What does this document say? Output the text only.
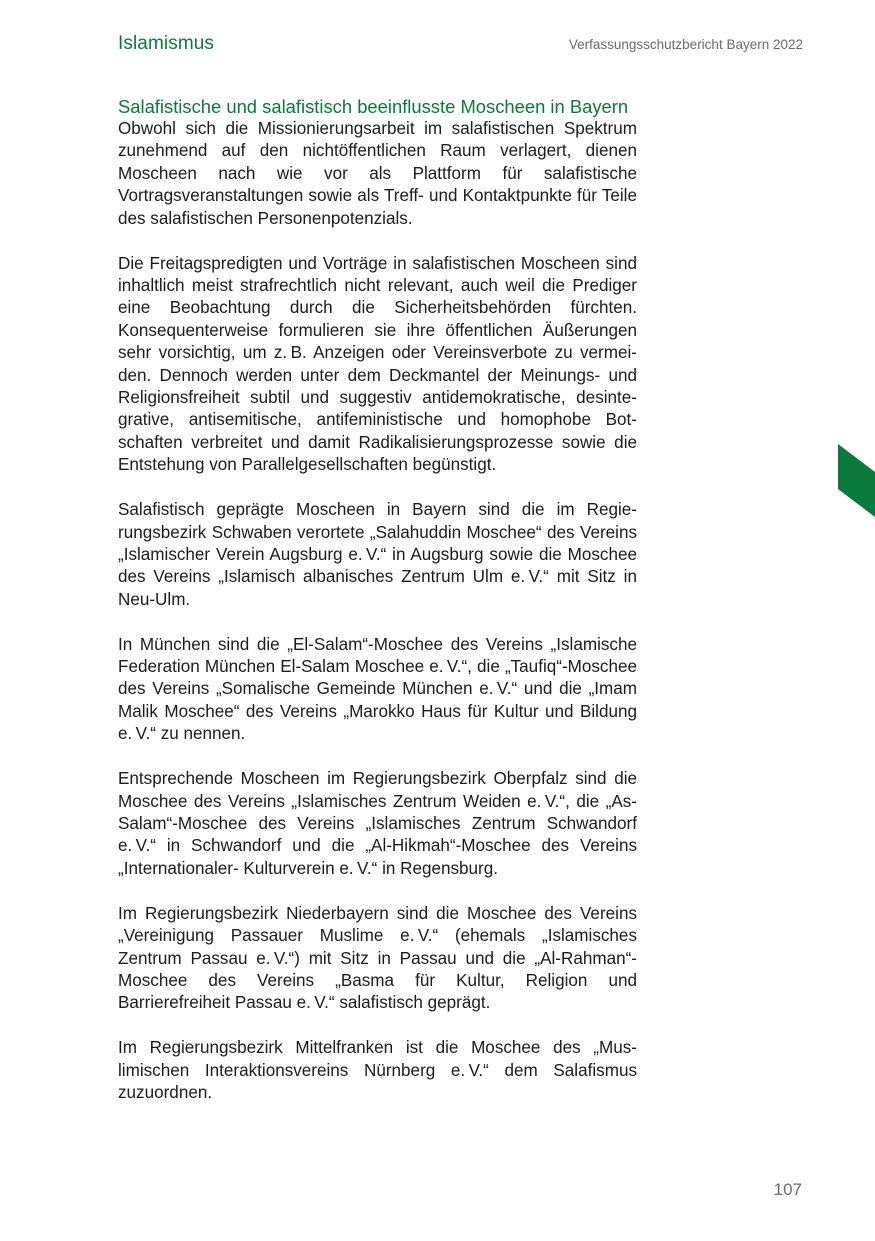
Islamismus	Verfassungsschutzbericht Bayern 2022

Salafistische und salafistisch beeinflusste Moscheen in Bayern

Obwohl sich die Missionierungsarbeit im salafistischen Spektrum zunehmend auf den nichtöffentlichen Raum verlagert, dienen Moscheen nach wie vor als Plattform für salafistische Vortragsveranstaltungen sowie als Treff- und Kontaktpunkte für Teile des salafistischen Personenpotenzials.

Die Freitagspredigten und Vorträge in salafistischen Moscheen sind inhaltlich meist strafrechtlich nicht relevant, auch weil die Prediger eine Beobachtung durch die Sicherheitsbehörden fürchten. Konsequenterweise formulieren sie ihre öffentlichen Äußerungen sehr vorsichtig, um z. B. Anzeigen oder Vereinsverbote zu vermeiden. Dennoch werden unter dem Deckmantel der Meinungs- und Religionsfreiheit subtil und suggestiv antidemokratische, desintegrative, antisemitische, antifeministische und homophobe Botschaften verbreitet und damit Radikalisierungsprozesse sowie die Entstehung von Parallelgesellschaften begünstigt.

Salafistisch geprägte Moscheen in Bayern sind die im Regierungsbezirk Schwaben verortete „Salahuddin Moschee“ des Vereins „Islamischer Verein Augsburg e. V.“ in Augsburg sowie die Moschee des Vereins „Islamisch albanisches Zentrum Ulm e. V.“ mit Sitz in Neu-Ulm.

In München sind die „El-Salam“-Moschee des Vereins „Islamische Federation München El-Salam Moschee e. V.“, die „Taufiq“-Moschee des Vereins „Somalische Gemeinde München e. V.“ und die „Imam Malik Moschee“ des Vereins „Marokko Haus für Kultur und Bildung e. V.“ zu nennen.

Entsprechende Moscheen im Regierungsbezirk Oberpfalz sind die Moschee des Vereins „Islamisches Zentrum Weiden e. V.“, die „As-Salam“-Moschee des Vereins „Islamisches Zentrum Schwandorf e. V.“ in Schwandorf und die „Al-Hikmah“-Moschee des Vereins „Internationaler- Kulturverein e. V.“ in Regensburg.

Im Regierungsbezirk Niederbayern sind die Moschee des Vereins „Vereinigung Passauer Muslime e. V.“ (ehemals „Islamisches Zentrum Passau e. V.“) mit Sitz in Passau und die „Al-Rahman“-Moschee des Vereins „Basma für Kultur, Religion und Barrierefreiheit Passau e. V.“ salafistisch geprägt.

Im Regierungsbezirk Mittelfranken ist die Moschee des „Muslimischen Interaktionsvereins Nürnberg e. V.“ dem Salafismus zuzuordnen.

107
